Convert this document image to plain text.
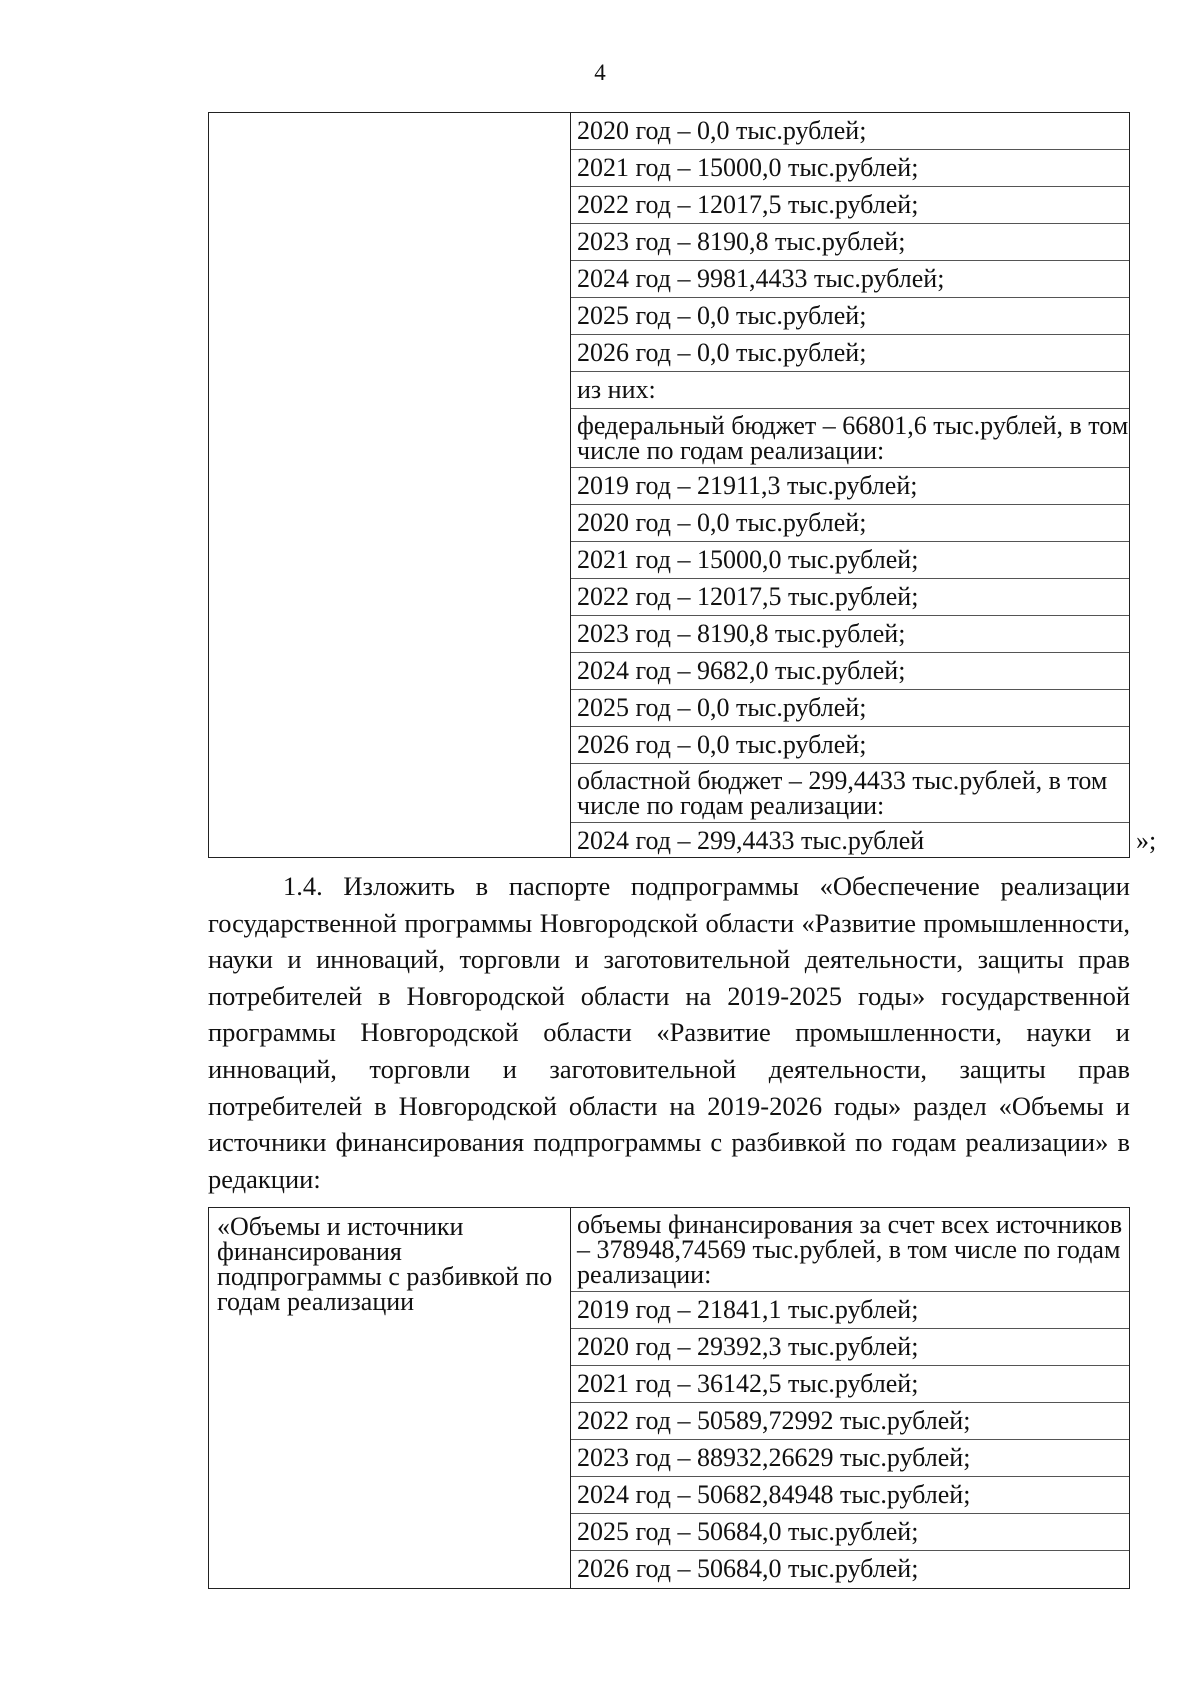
4
2020 год – 0,0 тыс.рублей;
2021 год – 15000,0 тыс.рублей;
2022 год – 12017,5 тыс.рублей;
2023 год – 8190,8 тыс.рублей;
2024 год – 9981,4433 тыс.рублей;
2025 год – 0,0 тыс.рублей;
2026 год – 0,0 тыс.рублей;
из них:
федеральный бюджет – 66801,6 тыс.рублей, в том числе по годам реализации:
2019 год – 21911,3 тыс.рублей;
2020 год – 0,0 тыс.рублей;
2021 год – 15000,0 тыс.рублей;
2022 год – 12017,5 тыс.рублей;
2023 год – 8190,8 тыс.рублей;
2024 год – 9682,0 тыс.рублей;
2025 год – 0,0 тыс.рублей;
2026 год – 0,0 тыс.рублей;
областной бюджет – 299,4433 тыс.рублей, в том числе по годам реализации:
2024 год – 299,4433 тыс.рублей	»;

1.4. Изложить в паспорте подпрограммы «Обеспечение реализации государственной программы Новгородской области «Развитие промышленности, науки и инноваций, торговли и заготовительной деятельности, защиты прав потребителей в Новгородской области на 2019-2025 годы» государственной программы Новгородской области «Развитие промышленности, науки и инноваций, торговли и заготовительной деятельности, защиты прав потребителей в Новгородской области на 2019-2026 годы» раздел «Объемы и источники финансирования подпрограммы с разбивкой по годам реализации» в редакции:

«Объемы и источники финансирования подпрограммы с разбивкой по годам реализации
объемы финансирования за счет всех источников – 378948,74569 тыс.рублей, в том числе по годам реализации:
2019 год – 21841,1 тыс.рублей;
2020 год – 29392,3 тыс.рублей;
2021 год – 36142,5 тыс.рублей;
2022 год – 50589,72992 тыс.рублей;
2023 год – 88932,26629 тыс.рублей;
2024 год – 50682,84948 тыс.рублей;
2025 год – 50684,0 тыс.рублей;
2026 год – 50684,0 тыс.рублей;
